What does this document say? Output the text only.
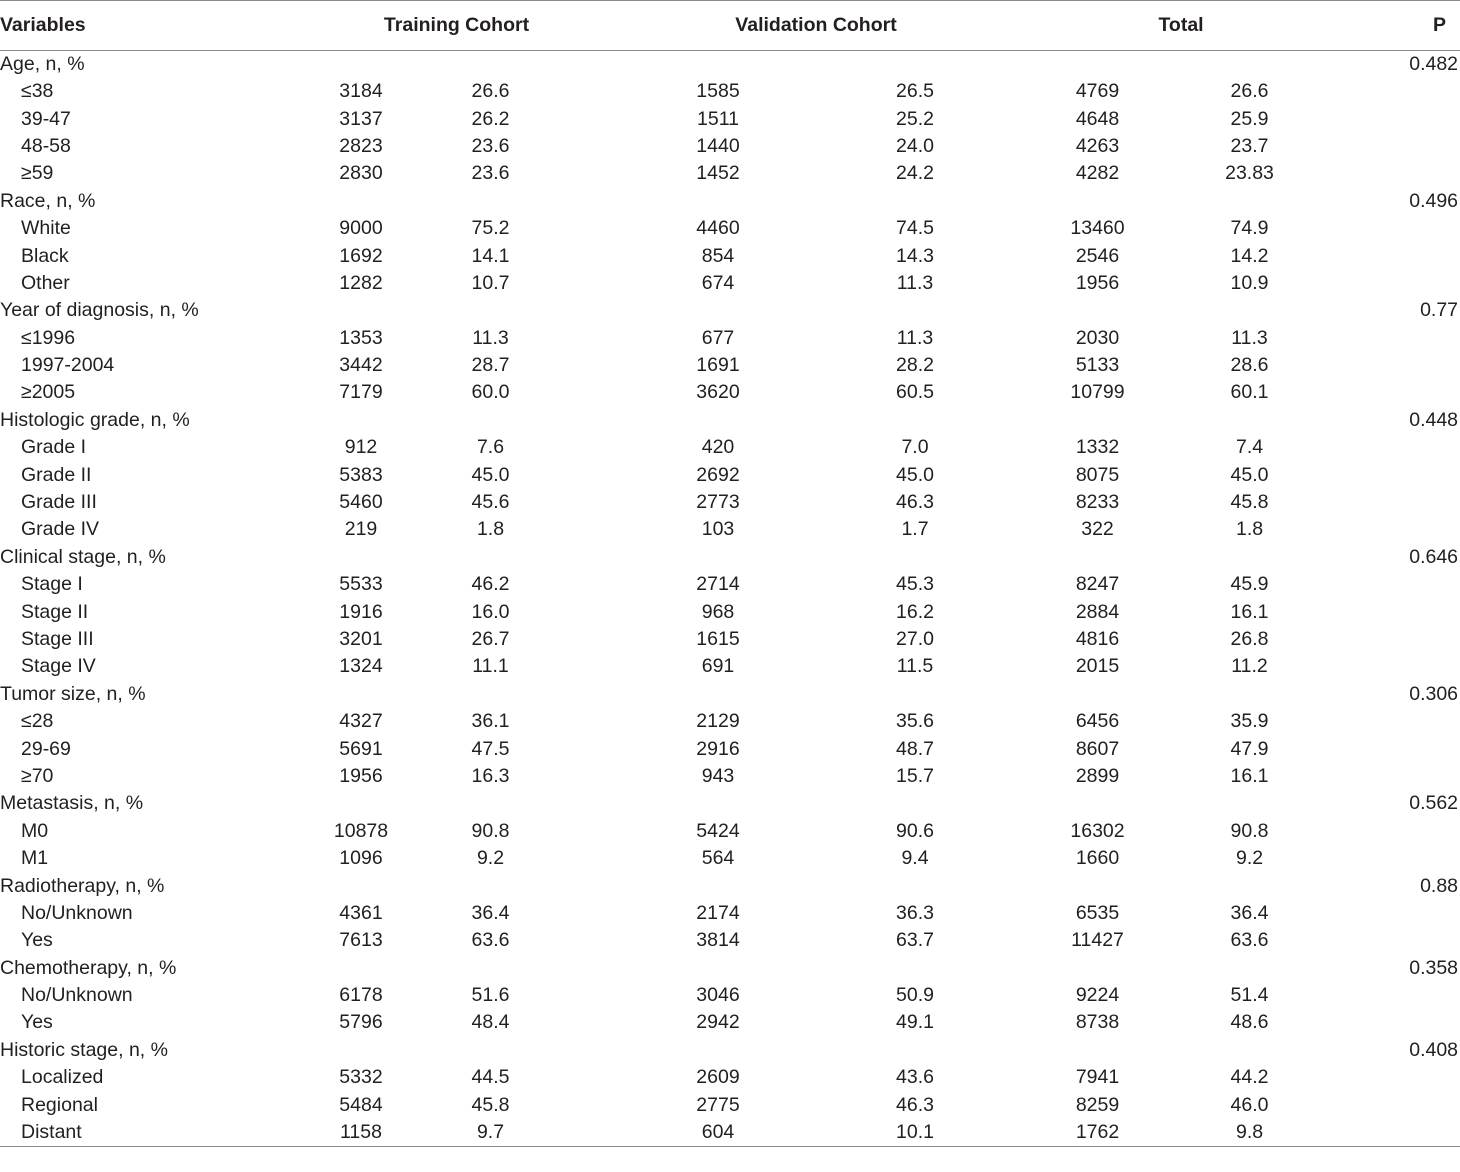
Variables	Training Cohort		Validation Cohort		Total		P
Age, n, %							0.482
≤38	3184	26.6	1585	26.5	4769	26.6	
39-47	3137	26.2	1511	25.2	4648	25.9	
48-58	2823	23.6	1440	24.0	4263	23.7	
≥59	2830	23.6	1452	24.2	4282	23.83	
Race, n, %							0.496
White	9000	75.2	4460	74.5	13460	74.9	
Black	1692	14.1	854	14.3	2546	14.2	
Other	1282	10.7	674	11.3	1956	10.9	
Year of diagnosis, n, %							0.77
≤1996	1353	11.3	677	11.3	2030	11.3	
1997-2004	3442	28.7	1691	28.2	5133	28.6	
≥2005	7179	60.0	3620	60.5	10799	60.1	
Histologic grade, n, %							0.448
Grade I	912	7.6	420	7.0	1332	7.4	
Grade II	5383	45.0	2692	45.0	8075	45.0	
Grade III	5460	45.6	2773	46.3	8233	45.8	
Grade IV	219	1.8	103	1.7	322	1.8	
Clinical stage, n, %							0.646
Stage I	5533	46.2	2714	45.3	8247	45.9	
Stage II	1916	16.0	968	16.2	2884	16.1	
Stage III	3201	26.7	1615	27.0	4816	26.8	
Stage IV	1324	11.1	691	11.5	2015	11.2	
Tumor size, n, %							0.306
≤28	4327	36.1	2129	35.6	6456	35.9	
29-69	5691	47.5	2916	48.7	8607	47.9	
≥70	1956	16.3	943	15.7	2899	16.1	
Metastasis, n, %							0.562
M0	10878	90.8	5424	90.6	16302	90.8	
M1	1096	9.2	564	9.4	1660	9.2	
Radiotherapy, n, %							0.88
No/Unknown	4361	36.4	2174	36.3	6535	36.4	
Yes	7613	63.6	3814	63.7	11427	63.6	
Chemotherapy, n, %							0.358
No/Unknown	6178	51.6	3046	50.9	9224	51.4	
Yes	5796	48.4	2942	49.1	8738	48.6	
Historic stage, n, %							0.408
Localized	5332	44.5	2609	43.6	7941	44.2	
Regional	5484	45.8	2775	46.3	8259	46.0	
Distant	1158	9.7	604	10.1	1762	9.8	
